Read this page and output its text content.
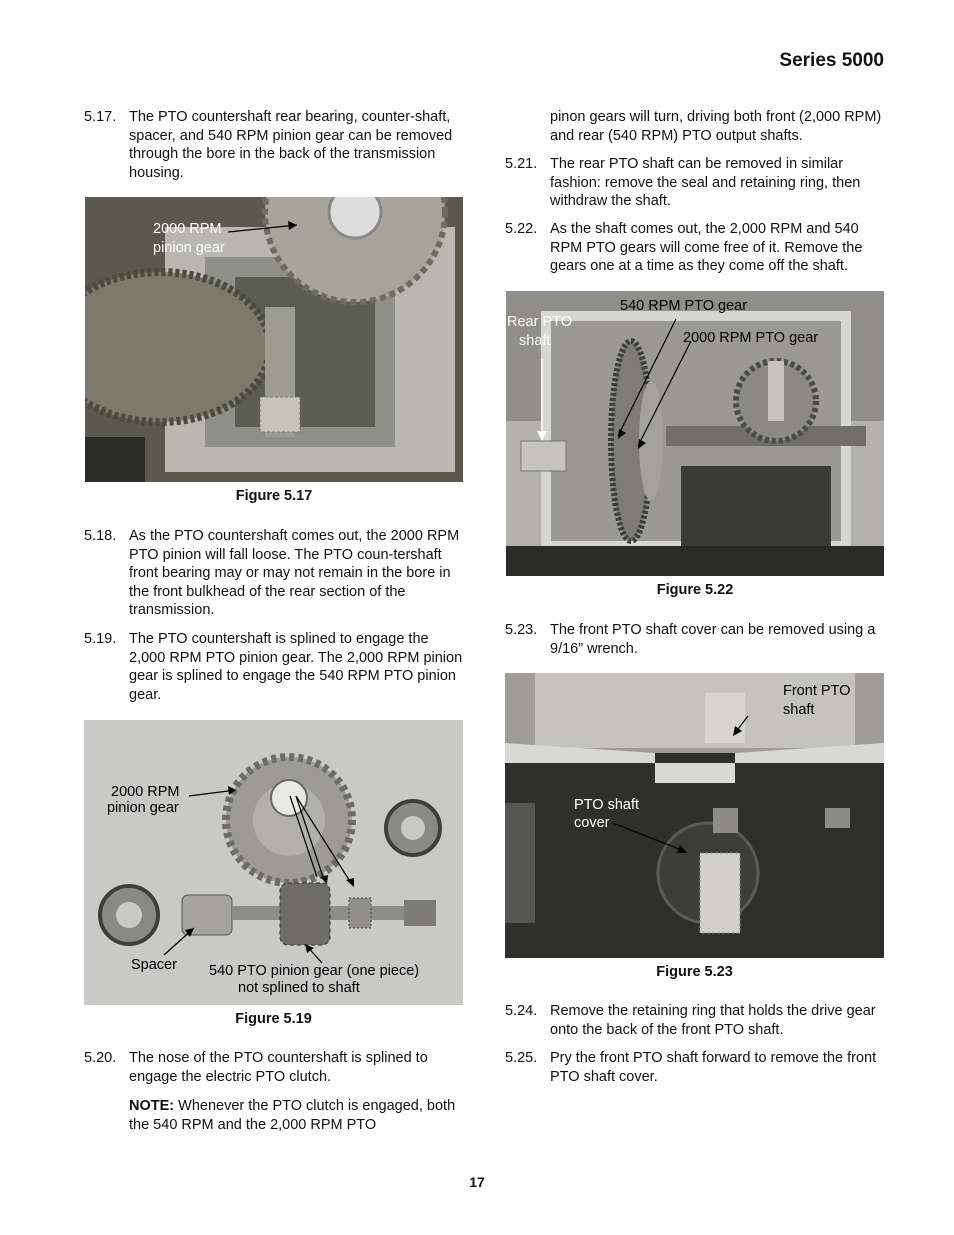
Series 5000
5.17. The PTO countershaft rear bearing, counter-shaft, spacer, and 540 RPM pinion gear can be removed through the bore in the back of the transmission housing.
2000 RPM
pinion gear
Figure 5.17
5.18. As the PTO countershaft comes out, the 2000 RPM PTO pinion will fall loose. The PTO coun-tershaft front bearing may or may not remain in the bore in the front bulkhead of the rear section of the transmission.
5.19. The PTO countershaft is splined to engage the 2,000 RPM PTO pinion gear. The 2,000 RPM pinion gear is splined to engage the 540 RPM PTO pinion gear.
2000 RPM
pinion gear
Spacer 540 PTO pinion gear (one piece)
not splined to shaft
Figure 5.19
5.20. The nose of the PTO countershaft is splined to engage the electric PTO clutch.
NOTE: Whenever the PTO clutch is engaged, both the 540 RPM and the 2,000 RPM PTO
pinon gears will turn, driving both front (2,000 RPM) and rear (540 RPM) PTO output shafts.
5.21. The rear PTO shaft can be removed in similar fashion: remove the seal and retaining ring, then withdraw the shaft.
5.22. As the shaft comes out, the 2,000 RPM and 540 RPM PTO gears will come free of it. Remove the gears one at a time as they come off the shaft.
Rear PTO
shaft
540 RPM PTO gear
2000 RPM PTO gear
Figure 5.22
5.23. The front PTO shaft cover can be removed using a 9/16” wrench.
Front PTO
shaft
PTO shaft
cover
Figure 5.23
5.24. Remove the retaining ring that holds the drive gear onto the back of the front PTO shaft.
5.25. Pry the front PTO shaft forward to remove the front PTO shaft cover.
17
